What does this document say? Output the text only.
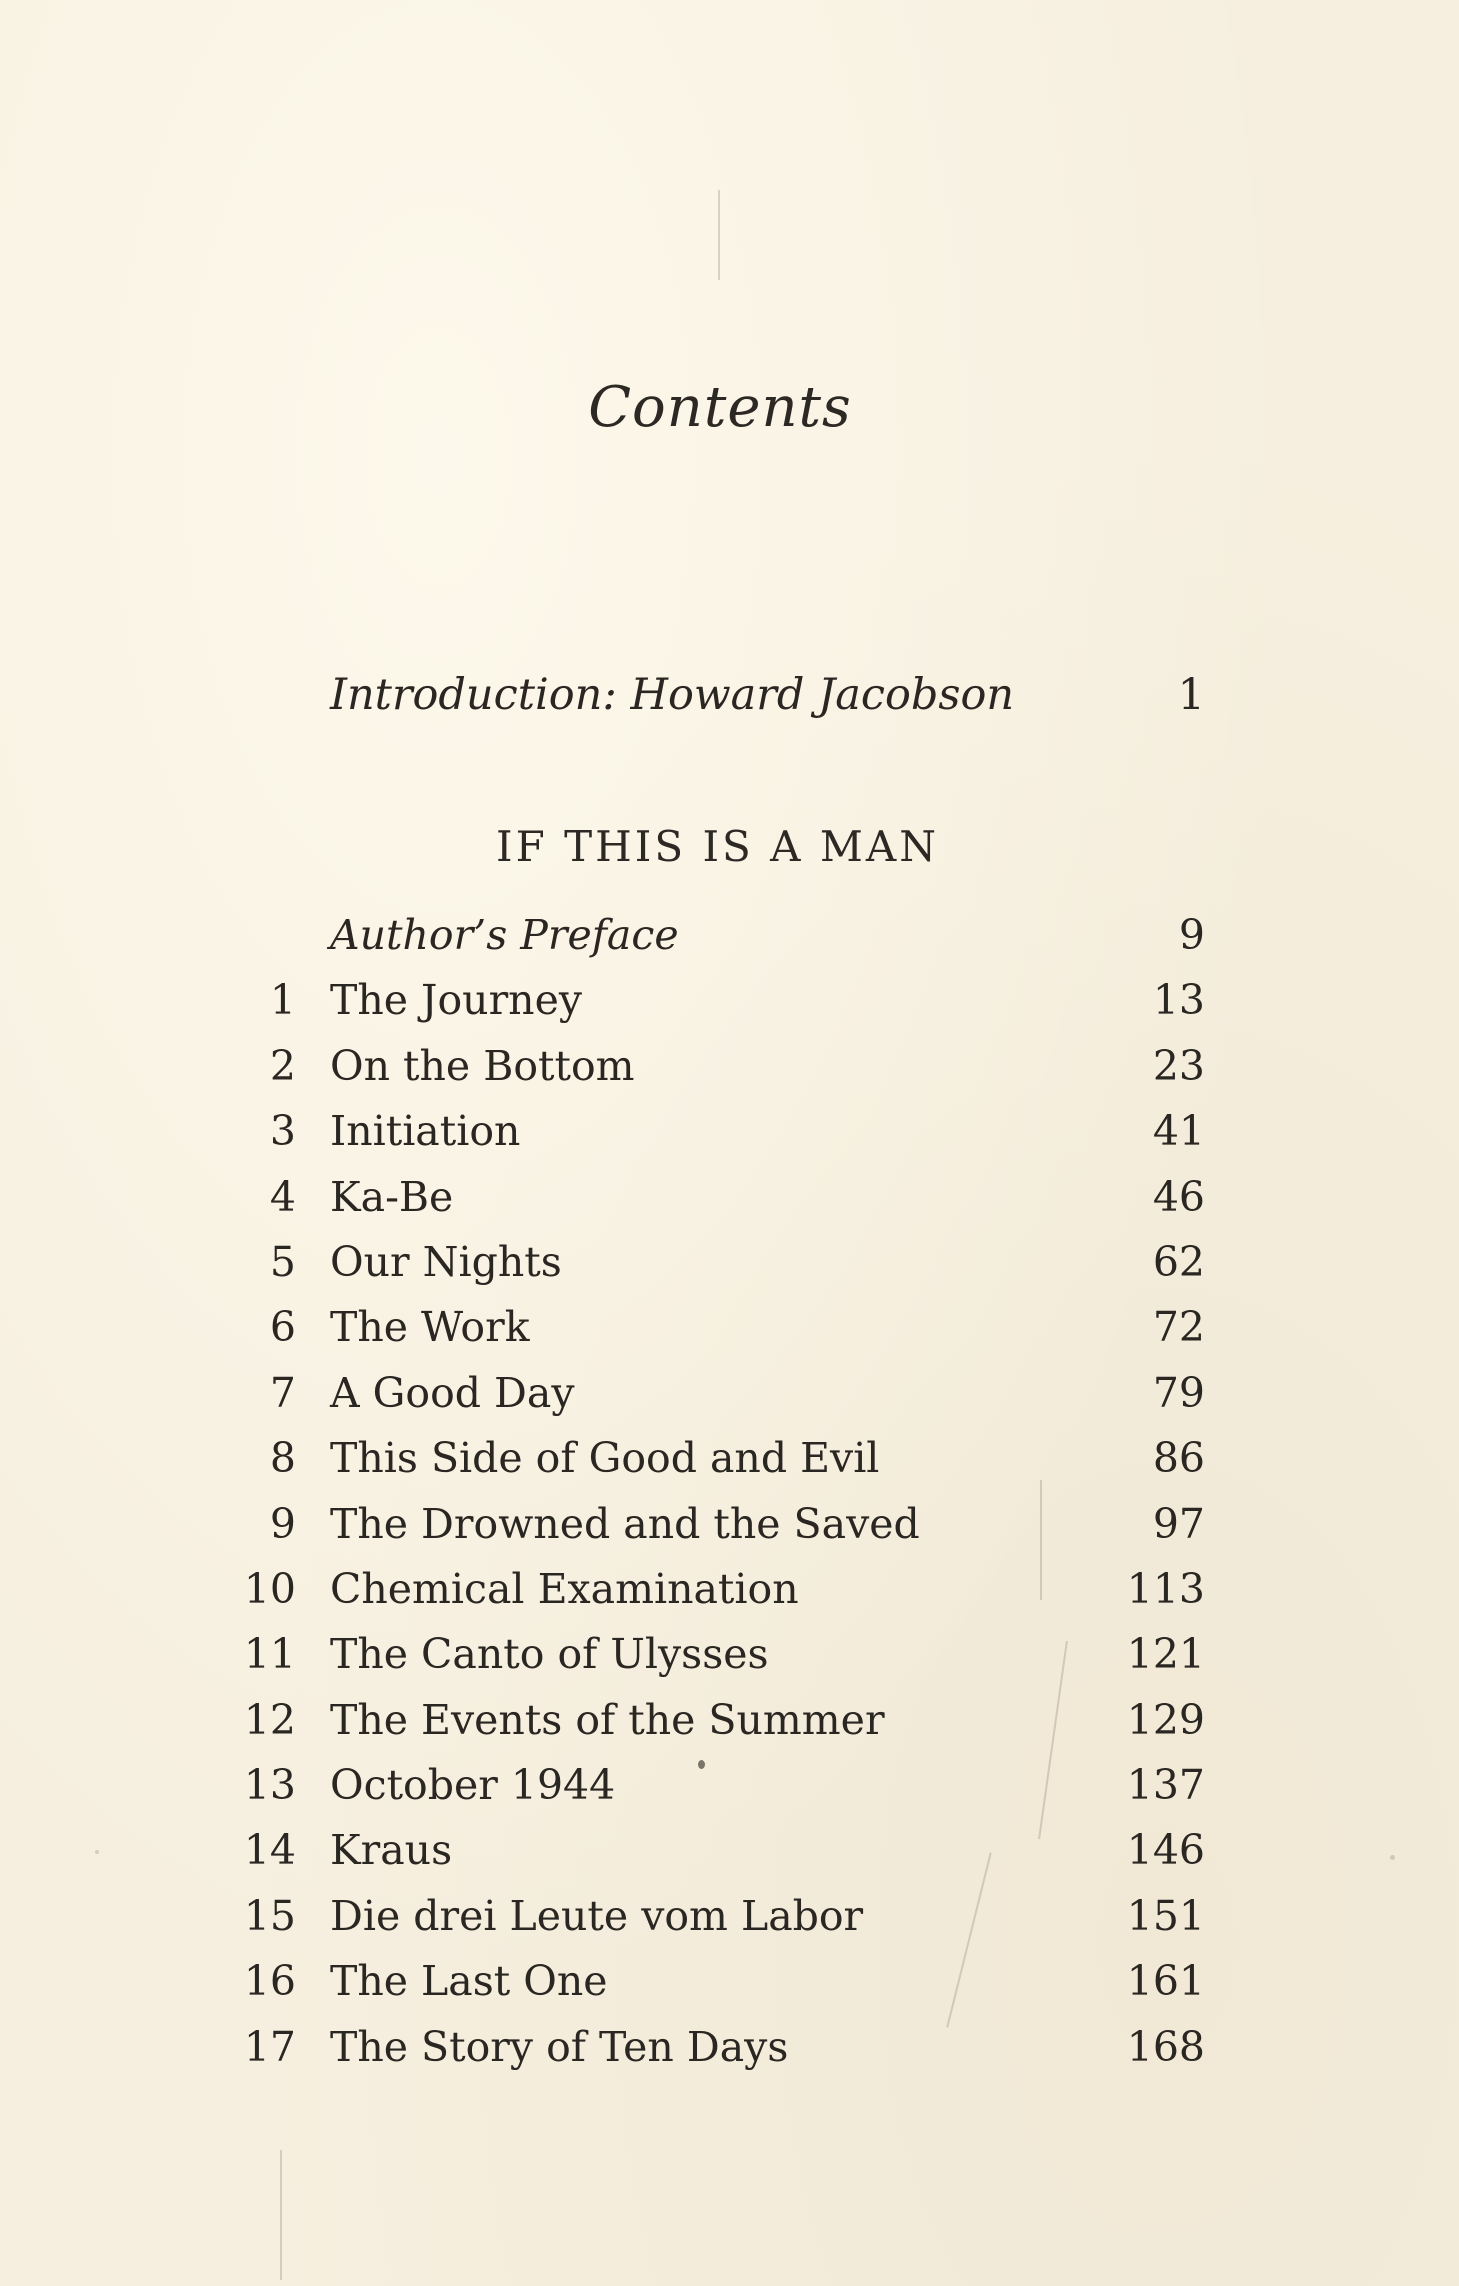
Contents
Introduction: Howard Jacobson	1
IF THIS IS A MAN
Author’s Preface	9
1 The Journey	13
2 On the Bottom	23
3 Initiation	41
4 Ka-Be	46
5 Our Nights	62
6 The Work	72
7 A Good Day	79
8 This Side of Good and Evil	86
9 The Drowned and the Saved	97
10 Chemical Examination	113
11 The Canto of Ulysses	121
12 The Events of the Summer	129
13 October 1944	137
14 Kraus	146
15 Die drei Leute vom Labor	151
16 The Last One	161
17 The Story of Ten Days	168
